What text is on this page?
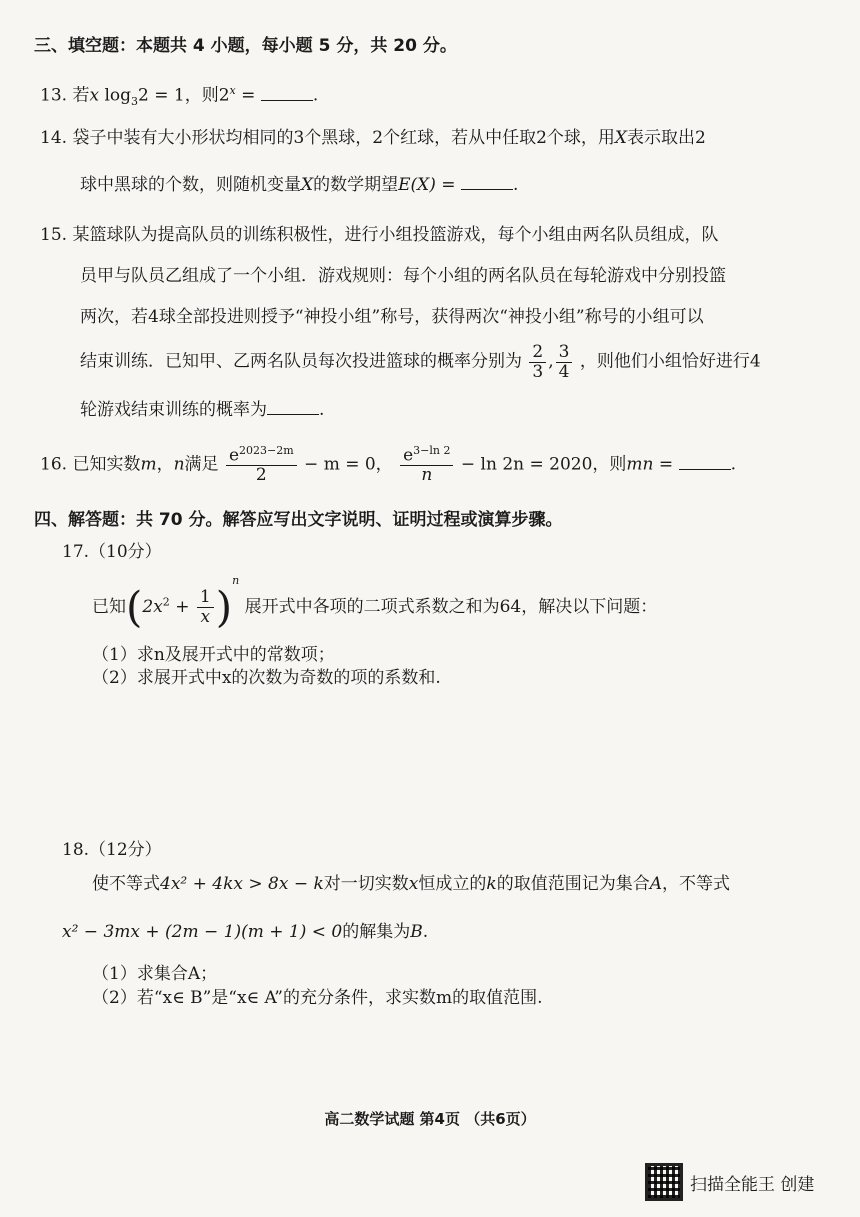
三、填空题：本题共 4 小题，每小题 5 分，共 20 分。
13. 若x $\log_32 = 1$，则$2^x$ =	.
14. 袋子中装有大小形状均相同的3个黑球，2个红球，若从中任取2个球，用X表示取出2
球中黑球的个数，则随机变量X的数学期望E(X) =	.
15. 某篮球队为提高队员的训练积极性，进行小组投篮游戏，每个小组由两名队员组成，队
员甲与队员乙组成了一个小组．游戏规则：每个小组的两名队员在每轮游戏中分别投篮
两次，若4球全部投进则授予“神投小组”称号，获得两次“神投小组”称号的小组可以
结束训练．已知甲、乙两名队员每次投进篮球的概率分别为 $\frac{2}{3}$ , $\frac{3}{4}$ ，则他们小组恰好进行4
轮游戏结束训练的概率为	.
16. 已知实数m，n满足 $\frac{e^{2023-2m}}{2} - m = 0$， $\frac{e^{3-ln 2}}{n} - \ln 2n = 2020$，则mn =	.
四、解答题：共 70 分。解答应写出文字说明、证明过程或演算步骤。
17.（10分）
已知$(2x^2 + \frac{1}{x} )^n$ 展开式中各项的二项式系数之和为64，解决以下问题：
（1）求n及展开式中的常数项；
（2）求展开式中x的次数为奇数的项的系数和.
18.（12分）
使不等式4x² + 4kx > 8x − k对一切实数x恒成立的k的取值范围记为集合A，不等式
x² − 3mx + (2m − 1)(m + 1) < 0的解集为B.
（1）求集合A；
（2）若“x∈ B”是“x∈ A”的充分条件，求实数m的取值范围.
高二数学试题 第4页 （共6页）
扫描全能王 创建
